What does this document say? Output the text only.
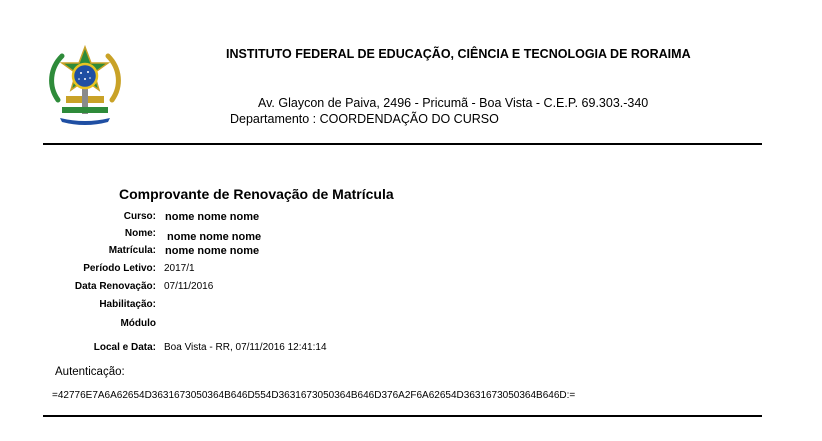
INSTITUTO FEDERAL DE EDUCAÇÃO, CIÊNCIA E TECNOLOGIA DE RORAIMA
Av. Glaycon de Paiva, 2496 - Pricumã - Boa Vista - C.E.P. 69.303.-340
Departamento : COORDENDAÇÃO DO CURSO
Comprovante de Renovação de Matrícula
Curso: nome nome nome
Nome: nome nome nome
Matrícula: nome nome nome
Período Letivo: 2017/1
Data Renovação: 07/11/2016
Habilitação:
Módulo
Local e Data: Boa Vista - RR, 07/11/2016 12:41:14
Autenticação:
=42776E7A6A62654D3631673050364B646D554D3631673050364B646D376A2F6A62654D3631673050364B646D:=
